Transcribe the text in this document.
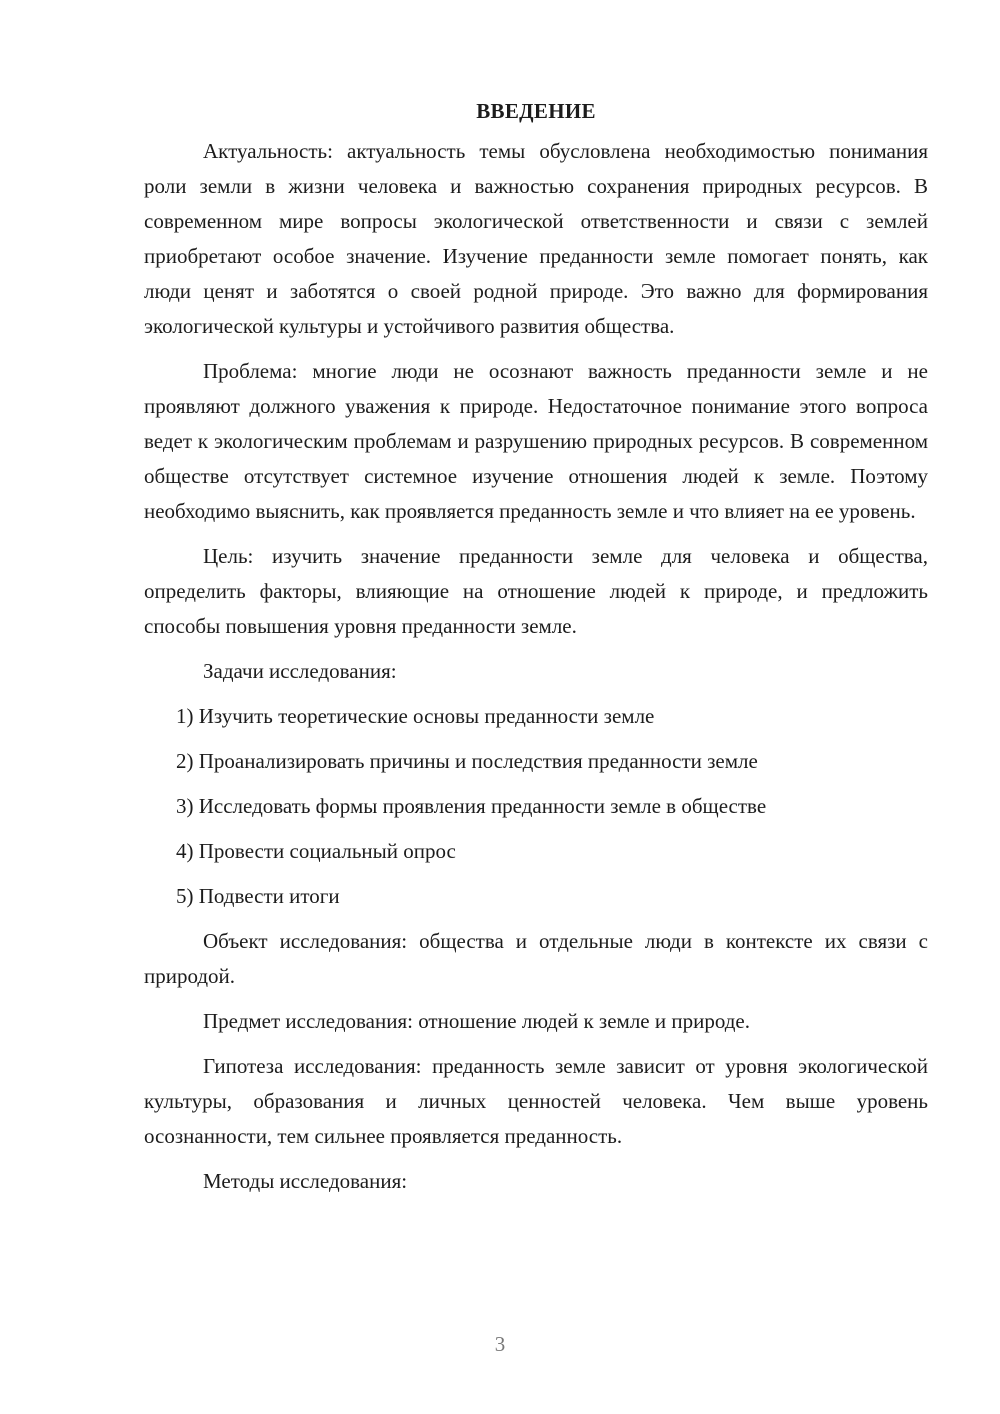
ВВЕДЕНИЕ

Актуальность: актуальность темы обусловлена необходимостью понимания роли земли в жизни человека и важностью сохранения природных ресурсов. В современном мире вопросы экологической ответственности и связи с землей приобретают особое значение. Изучение преданности земле помогает понять, как люди ценят и заботятся о своей родной природе. Это важно для формирования экологической культуры и устойчивого развития общества.

Проблема: многие люди не осознают важность преданности земле и не проявляют должного уважения к природе. Недостаточное понимание этого вопроса ведет к экологическим проблемам и разрушению природных ресурсов. В современном обществе отсутствует системное изучение отношения людей к земле. Поэтому необходимо выяснить, как проявляется преданность земле и что влияет на ее уровень.

Цель: изучить значение преданности земле для человека и общества, определить факторы, влияющие на отношение людей к природе, и предложить способы повышения уровня преданности земле.

Задачи исследования:

1) Изучить теоретические основы преданности земле
2) Проанализировать причины и последствия преданности земле
3) Исследовать формы проявления преданности земле в обществе
4) Провести социальный опрос
5) Подвести итоги

Объект исследования: общества и отдельные люди в контексте их связи с природой.

Предмет исследования: отношение людей к земле и природе.

Гипотеза исследования: преданность земле зависит от уровня экологической культуры, образования и личных ценностей человека. Чем выше уровень осознанности, тем сильнее проявляется преданность.

Методы исследования:

3
